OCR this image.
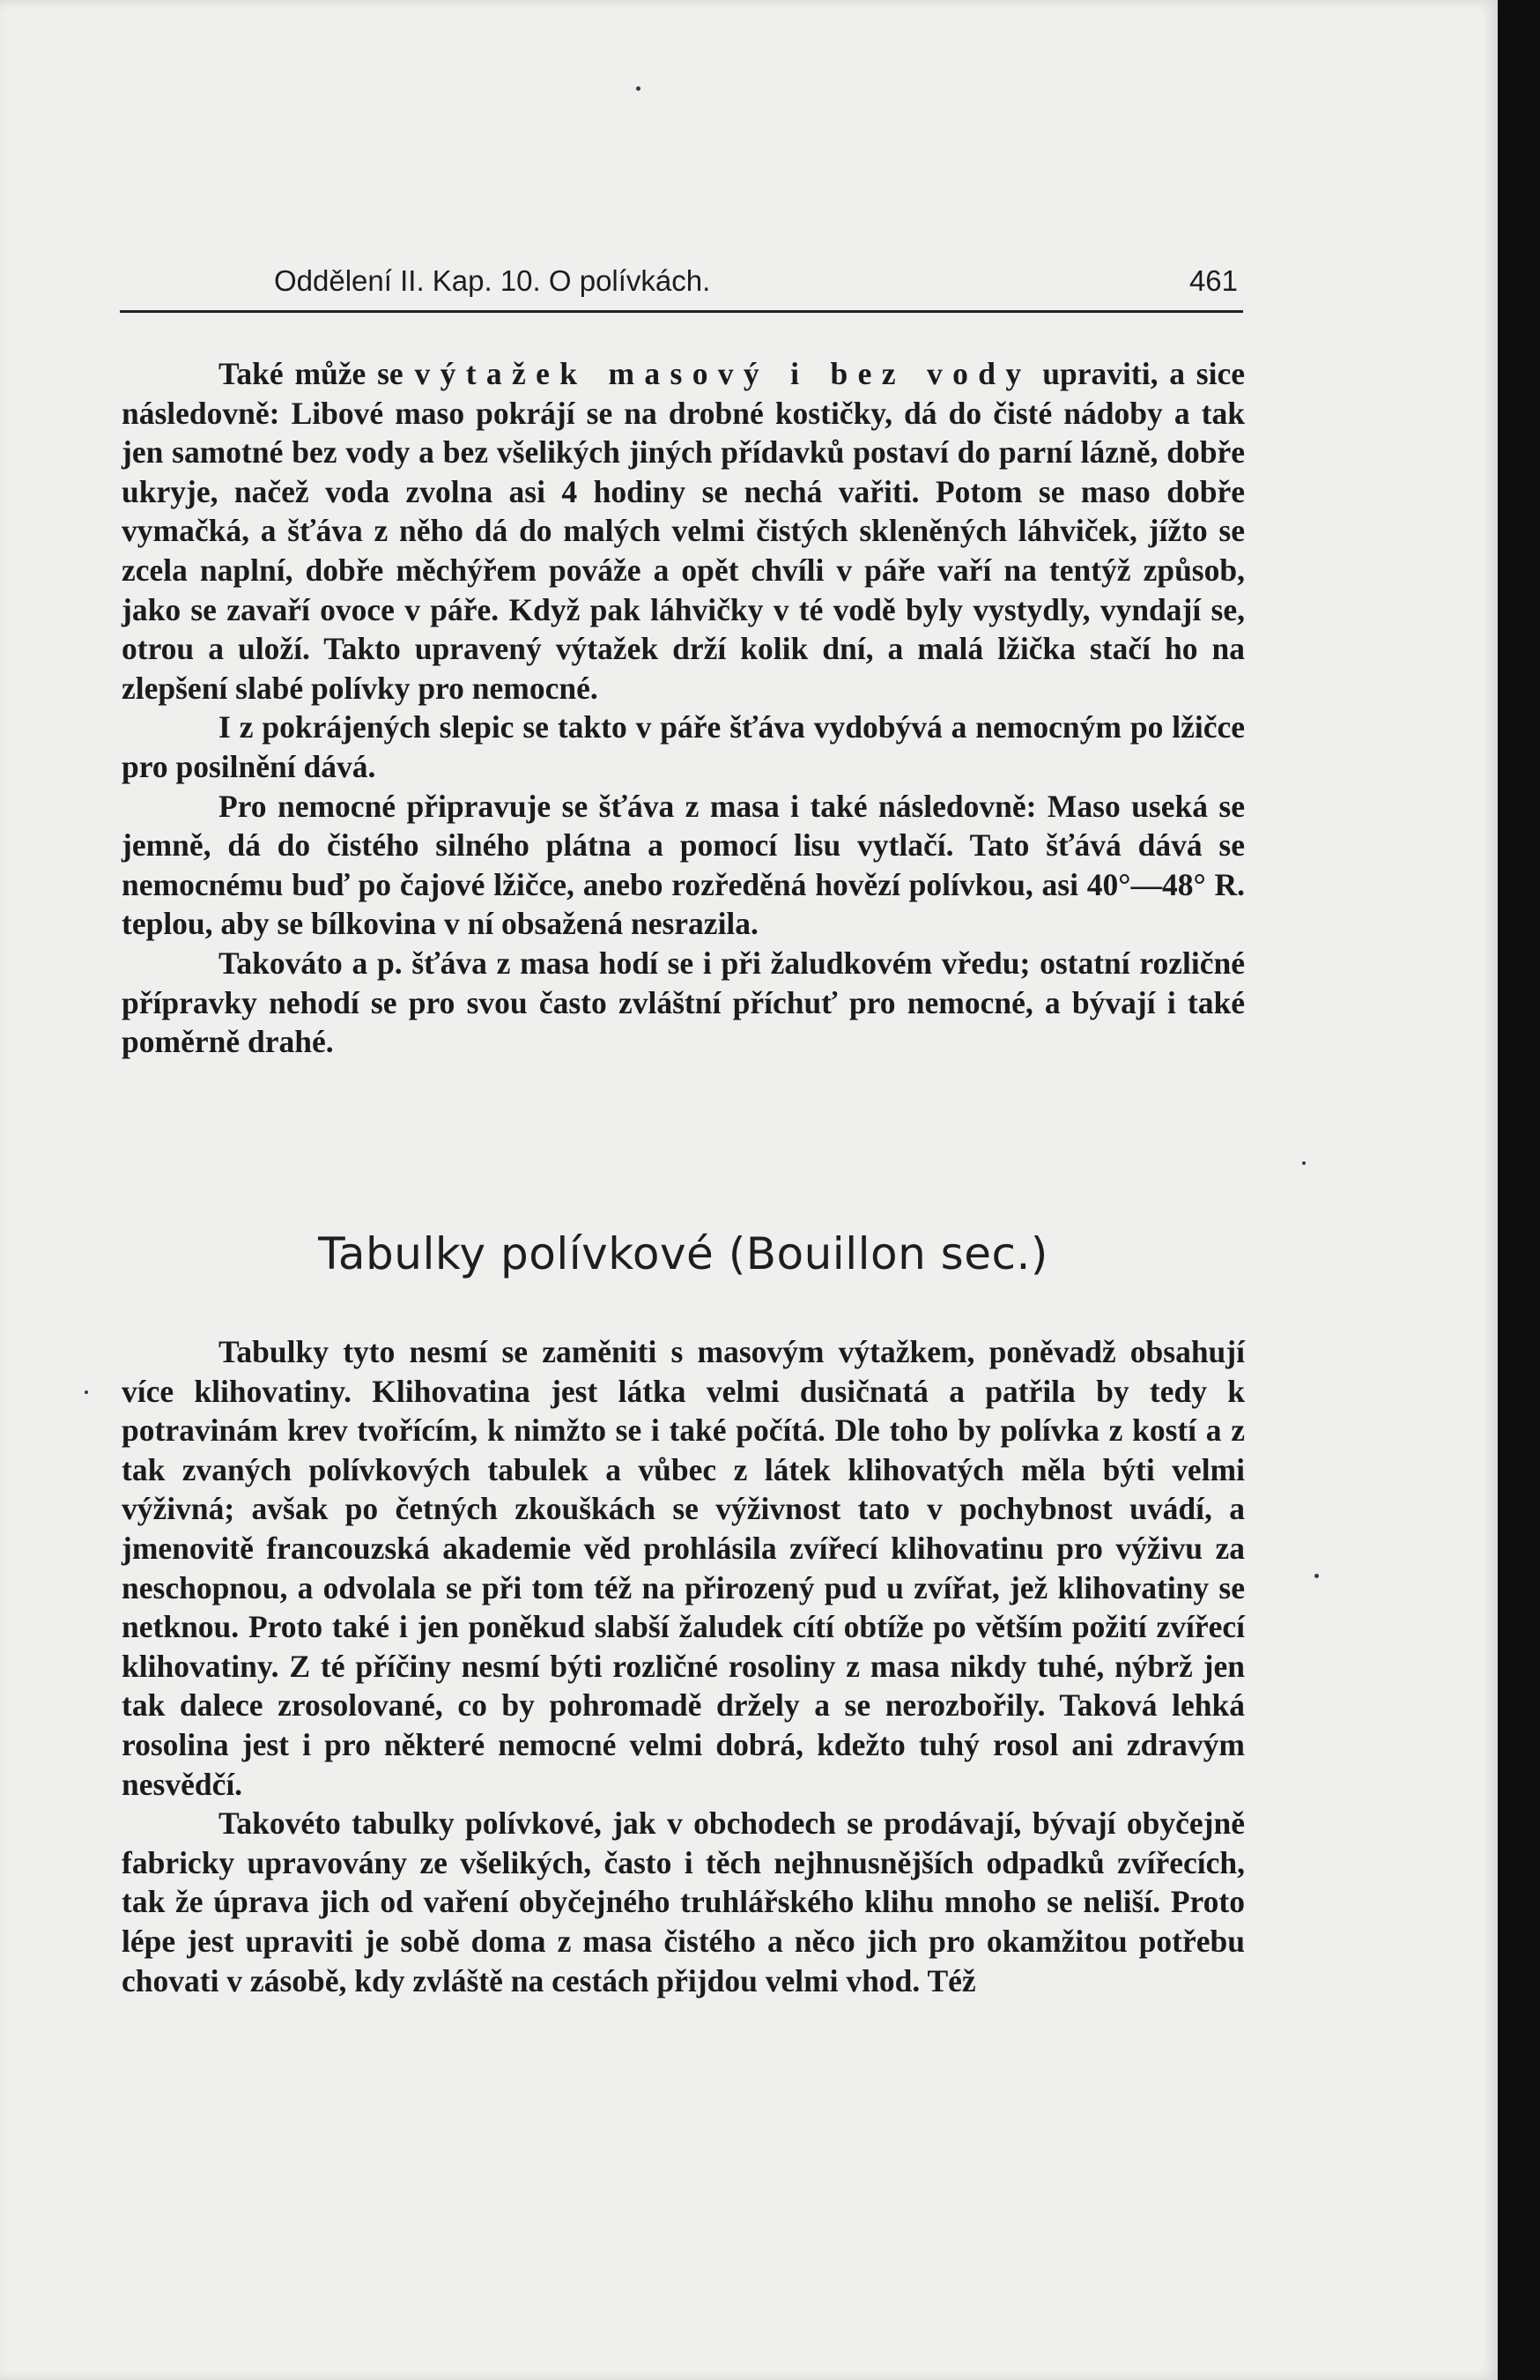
Oddělení II. Kap. 10. O polívkách.	461

Také může se výtažek masový i bez vody upraviti, a sice následovně: Libové maso pokrájí se na drobné kostičky, dá do čisté nádoby a tak jen samotné bez vody a bez všelikých jiných přídavků postaví do parní lázně, dobře ukryje, načež voda zvolna asi 4 hodiny se nechá vařiti. Potom se maso dobře vymačká, a šťáva z něho dá do malých velmi čistých skleněných láhviček, jížto se zcela naplní, dobře měchýřem pováže a opět chvíli v páře vaří na tentýž způsob, jako se zavaří ovoce v páře. Když pak láhvičky v té vodě byly vystydly, vyndají se, otrou a uloží. Takto upravený výtažek drží kolik dní, a malá lžička stačí ho na zlepšení slabé polívky pro nemocné.

I z pokrájených slepic se takto v páře šťáva vydobývá a nemocným po lžičce pro posilnění dává.

Pro nemocné připravuje se šťáva z masa i také následovně: Maso useká se jemně, dá do čistého silného plátna a pomocí lisu vytlačí. Tato šťává dává se nemocnému buď po čajové lžičce, anebo rozředěná hovězí polívkou, asi 40°—48° R. teplou, aby se bílkovina v ní obsažená nesrazila.

Takováto a p. šťáva z masa hodí se i při žaludkovém vředu; ostatní rozličné přípravky nehodí se pro svou často zvláštní příchuť pro nemocné, a bývají i také poměrně drahé.

Tabulky polívkové (Bouillon sec.)

Tabulky tyto nesmí se zaměniti s masovým výtažkem, poněvadž obsahují více klihovatiny. Klihovatina jest látka velmi dusičnatá a patřila by tedy k potravinám krev tvořícím, k nimžto se i také počítá. Dle toho by polívka z kostí a z tak zvaných polívkových tabulek a vůbec z látek klihovatých měla býti velmi výživná; avšak po četných zkouškách se výživnost tato v pochybnost uvádí, a jmenovitě francouzská akademie věd prohlásila zvířecí klihovatinu pro výživu za neschopnou, a odvolala se při tom též na přirozený pud u zvířat, jež klihovatiny se netknou. Proto také i jen poněkud slabší žaludek cítí obtíže po větším požití zvířecí klihovatiny. Z té příčiny nesmí býti rozličné rosoliny z masa nikdy tuhé, nýbrž jen tak dalece zrosolované, co by pohromadě držely a se nerozbořily. Taková lehká rosolina jest i pro některé nemocné velmi dobrá, kdežto tuhý rosol ani zdravým nesvědčí.

Takovéto tabulky polívkové, jak v obchodech se prodávají, bývají obyčejně fabricky upravovány ze všelikých, často i těch nejhnusnějších odpadků zvířecích, tak že úprava jich od vaření obyčejného truhlářského klihu mnoho se neliší. Proto lépe jest upraviti je sobě doma z masa čistého a něco jich pro okamžitou potřebu chovati v zásobě, kdy zvláště na cestách přijdou velmi vhod. Též
